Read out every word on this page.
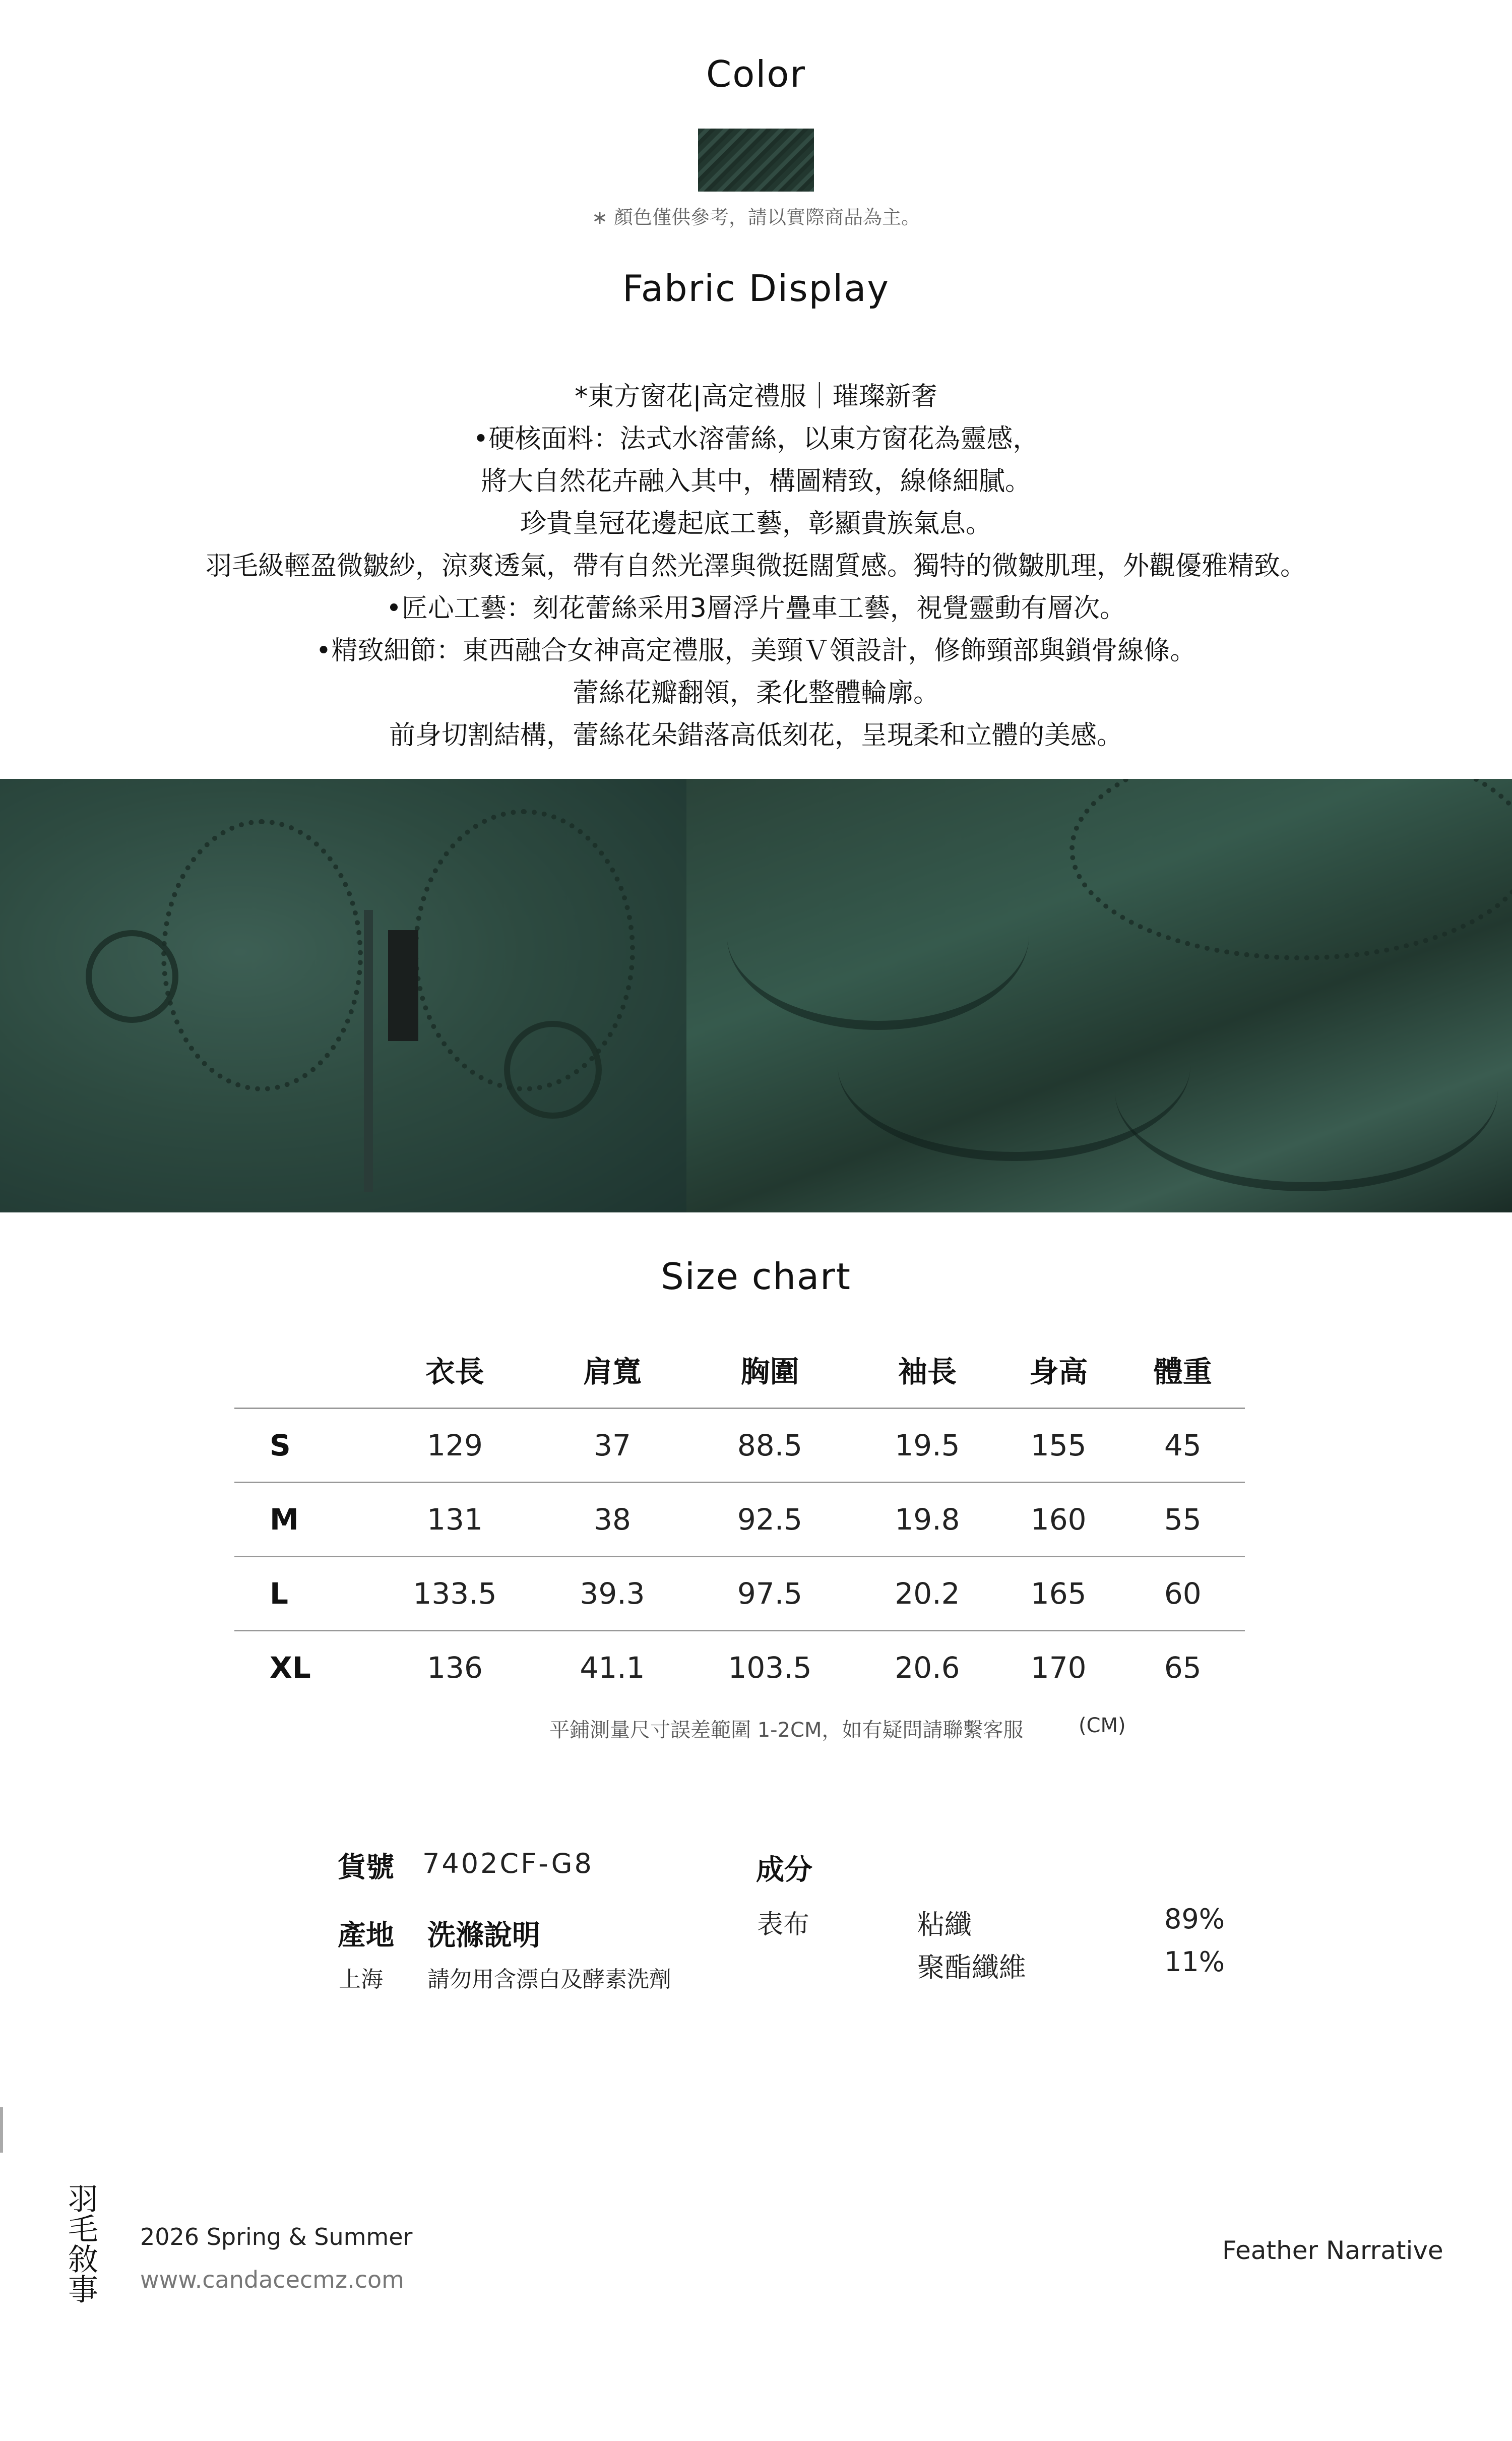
Color
∗ 顏色僅供參考，請以實際商品為主。
Fabric Display
*東方窗花|高定禮服｜璀璨新奢
•硬核面料：法式水溶蕾絲，以東方窗花為靈感，
將大自然花卉融入其中，構圖精致，線條細膩。
珍貴皇冠花邊起底工藝，彰顯貴族氣息。
羽毛級輕盈微皺紗，涼爽透氣，帶有自然光澤與微挺闊質感。獨特的微皺肌理，外觀優雅精致。
•匠心工藝：刻花蕾絲采用3層浮片疊車工藝，視覺靈動有層次。
•精致細節：東西融合女神高定禮服，美頸Ｖ領設計，修飾頸部與鎖骨線條。
蕾絲花瓣翻領，柔化整體輪廓。
前身切割結構，蕾絲花朵錯落高低刻花，呈現柔和立體的美感。
Size chart
	衣長	肩寬	胸圍	袖長	身高	體重
S	129	37	88.5	19.5	155	45
M	131	38	92.5	19.8	160	55
L	133.5	39.3	97.5	20.2	165	60
XL	136	41.1	103.5	20.6	170	65
平鋪測量尺寸誤差範圍 1-2CM，如有疑問請聯繫客服	(CM)
貨號 7402CF-G8
產地
上海
洗滌說明
請勿用含漂白及酵素洗劑
成分
表布	粘纖	89%
聚酯纖維	11%
羽毛敘事 2026 Spring & Summer
www.candacecmz.com
Feather Narrative
